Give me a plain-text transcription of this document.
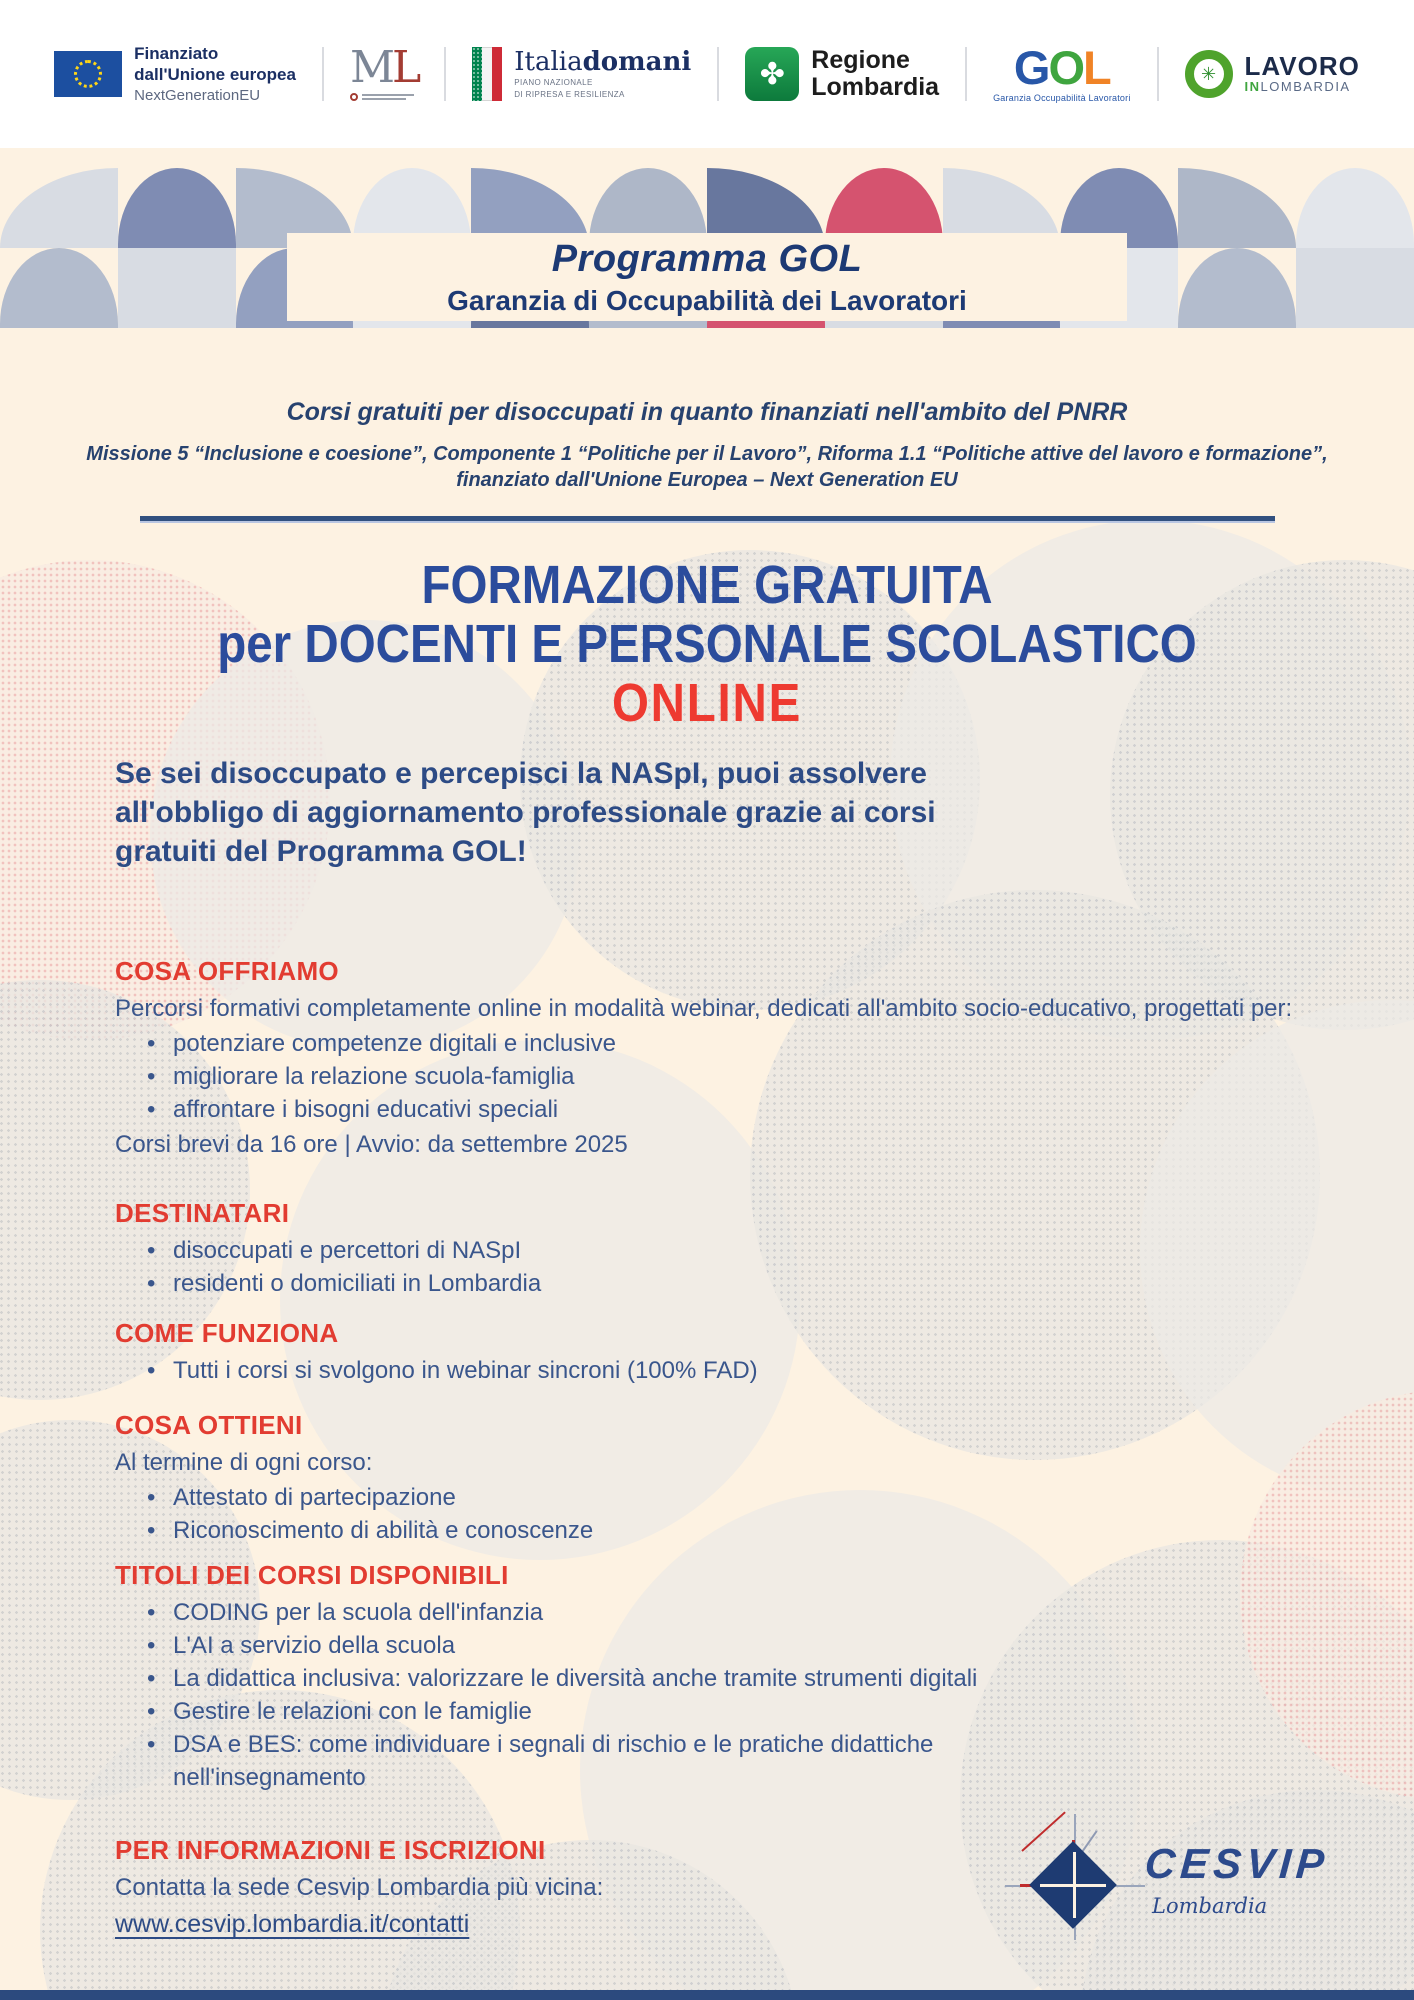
Finanziato
dall'Unione europea
NextGenerationEU
ML	Italiadomani
PIANO NAZIONALE
DI RIPRESA E RESILIENZA
✤	Regione
Lombardia	GOL
Garanzia Occupabilità Lavoratori
✳	LAVORO
INLOMBARDIA
Programma GOL
Garanzia di Occupabilità dei Lavoratori
Corsi gratuiti per disoccupati in quanto finanziati nell'ambito del PNRR
Missione 5 “Inclusione e coesione”, Componente 1 “Politiche per il Lavoro”, Riforma 1.1 “Politiche attive del lavoro e formazione”,
finanziato dall'Unione Europea – Next Generation EU
FORMAZIONE GRATUITA
per DOCENTI E PERSONALE SCOLASTICO
ONLINE
Se sei disoccupato e percepisci la NASpI, puoi assolvere
all'obbligo di aggiornamento professionale grazie ai corsi
gratuiti del Programma GOL!
COSA OFFRIAMO

Percorsi formativi completamente online in modalità webinar, dedicati all'ambito socio-educativo, progettati per:

• potenziare competenze digitali e inclusive
• migliorare la relazione scuola-famiglia
• affrontare i bisogni educativi speciali

Corsi brevi da 16 ore | Avvio: da settembre 2025

DESTINATARI
• disoccupati e percettori di NASpI
• residenti o domiciliati in Lombardia
COME FUNZIONA
• Tutti i corsi si svolgono in webinar sincroni (100% FAD)
COSA OTTIENI

Al termine di ogni corso:

• Attestato di partecipazione
• Riconoscimento di abilità e conoscenze
TITOLI DEI CORSI DISPONIBILI
• CODING per la scuola dell'infanzia
• L'AI a servizio della scuola
• La didattica inclusiva: valorizzare le diversità anche tramite strumenti digitali
• Gestire le relazioni con le famiglie
• DSA e BES: come individuare i segnali di rischio e le pratiche didattiche nell'insegnamento
PER INFORMAZIONI E ISCRIZIONI

Contatta la sede Cesvip Lombardia più vicina:

www.cesvip.lombardia.it/contatti
CESVIP
Lombardia
